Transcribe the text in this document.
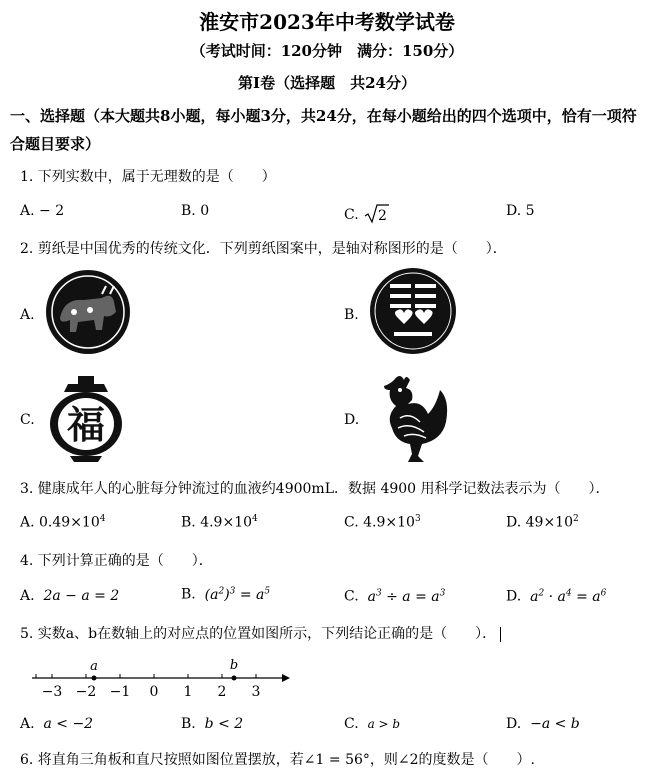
淮安市2023年中考数学试卷
（考试时间：120分钟　满分：150分）
第Ⅰ卷（选择题　共24分）
一、选择题（本大题共8小题，每小题3分，共24分，在每小题给出的四个选项中，恰有一项符合题目要求）
1. 下列实数中，属于无理数的是（　　）
A. − 2	B. 0	C. 2	D. 5
2. 剪纸是中国优秀的传统文化．下列剪纸图案中，是轴对称图形的是（　　）．
A.	B.
C. 福	D.
3. 健康成年人的心脏每分钟流过的血液约4900mL．数据 4900 用科学记数法表示为（　　）．
A. $0.49\times 10^4$	B. $4.9\times 10^4$	C. $4.9\times 10^3$	D. $49\times 10^2$
4. 下列计算正确的是（　　）．
A. 2a − a = 2	B. $(a^2)^3 = a^5$	C. $a^3 \div a = a^3$	D. $a^2 \cdot a^4 = a^6$
5. 实数a、b在数轴上的对应点的位置如图所示，下列结论正确的是（　　）．
−3 −2 −1 0 1 2 3
a	b
A. a < −2	B. b < 2	C. a > b	D. −a < b
6. 将直角三角板和直尺按照如图位置摆放，若∠1 = 56°，则∠2的度数是（　　）.
